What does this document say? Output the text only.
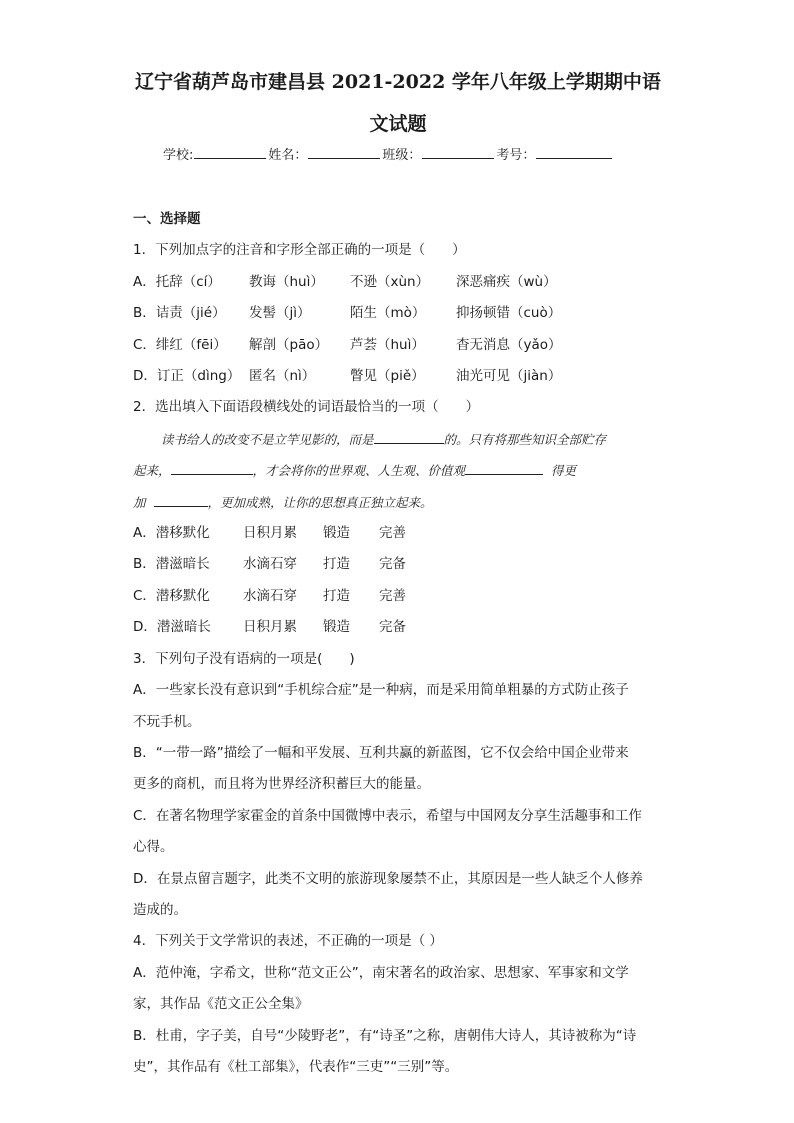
辽宁省葫芦岛市建昌县 2021-2022 学年八年级上学期期中语
文试题
学校:	姓名：	班级：	考号：

一、选择题

1．下列加点字的注音和字形全部正确的一项是（　　）

A．托辞（cí）	教诲（huì）	不逊（xùn）	深恶痛疾（wù）
B．诘责（jié）	发髻（jì）	陌生（mò）	抑扬顿错（cuò）
C．绯红（fēi）	解剖（pāo）	芦荟（huì）	杳无消息（yǎo）
D．订正（dìng） 匿名（nì）	瞥见（piě）	油光可见（jiàn）

2．选出填入下面语段横线处的词语最恰当的一项（　　）

读书给人的改变不是立竿见影的，而是	的。只有将那些知识全部贮存

起来，	，才会将你的世界观、人生观、价值观	得更

加	，更加成熟，让你的思想真正独立起来。

A．潜移默化	日积月累	锻造	完善
B．潜滋暗长	水滴石穿	打造	完备
C．潜移默化	水滴石穿	打造	完善
D．潜滋暗长	日积月累	锻造	完备

3．下列句子没有语病的一项是(　　)

A．一些家长没有意识到“手机综合症”是一种病，而是采用简单粗暴的方式防止孩子

不玩手机。

B．“一带一路”描绘了一幅和平发展、互利共赢的新蓝图，它不仅会给中国企业带来

更多的商机，而且将为世界经济积蓄巨大的能量。

C．在著名物理学家霍金的首条中国微博中表示，希望与中国网友分享生活趣事和工作

心得。

D．在景点留言题字，此类不文明的旅游现象屡禁不止，其原因是一些人缺乏个人修养

造成的。

4．下列关于文学常识的表述，不正确的一项是（ ）

A．范仲淹，字希文，世称“范文正公”，南宋著名的政治家、思想家、军事家和文学

家，其作品《范文正公全集》

B．杜甫，字子美，自号“少陵野老”，有“诗圣”之称，唐朝伟大诗人，其诗被称为“诗

史”，其作品有《杜工部集》，代表作“三吏”“三别”等。
